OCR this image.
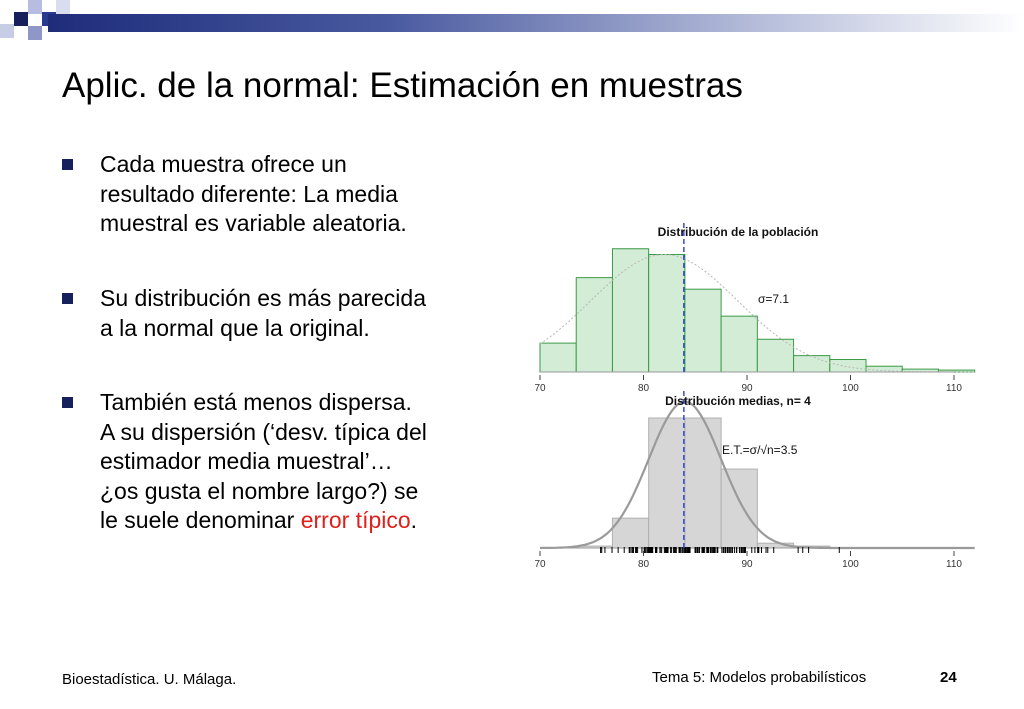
Aplic. de la normal: Estimación en muestras
Cada muestra ofrece un
resultado diferente: La media
muestral es variable aleatoria.
Su distribución es más parecida
a la normal que la original.
También está menos dispersa.
A su dispersión (‘desv. típica del
estimador media muestral’…
¿os gusta el nombre largo?) se
le suele denominar error típico.
70	80	90	100	110
Distribución de la población
σ=7.1
70	80	90	100	110
Distribución medias, n= 4
E.T.=σ/√n=3.5
Bioestadística. U. Málaga.	Tema 5: Modelos probabilísticos	24
